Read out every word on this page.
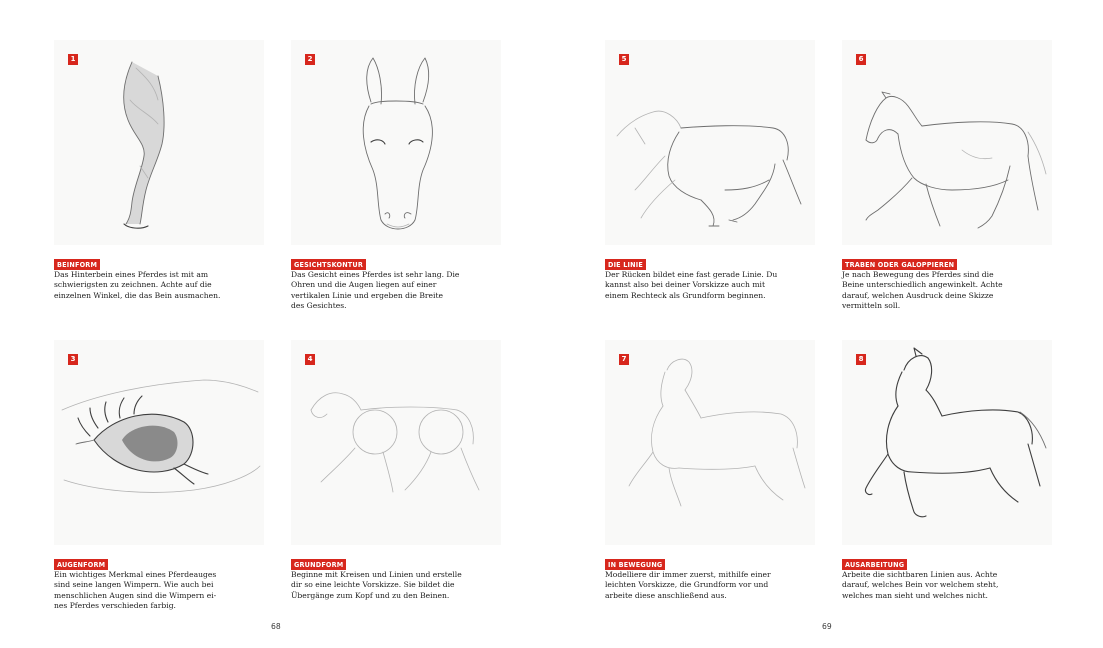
1
BEINFORM

Das Hinterbein eines Pferdes ist mit am
schwierigsten zu zeichnen. Achte auf die
einzelnen Winkel, die das Bein ausmachen.

2
GESICHTSKONTUR

Das Gesicht eines Pferdes ist sehr lang. Die
Ohren und die Augen liegen auf einer
vertikalen Linie und ergeben die Breite
des Gesichtes.

5
DIE LINIE

Der Rücken bildet eine fast gerade Linie. Du
kannst also bei deiner Vorskizze auch mit
einem Rechteck als Grundform beginnen.

6
TRABEN ODER GALOPPIEREN

Je nach Bewegung des Pferdes sind die
Beine unterschiedlich angewinkelt. Achte
darauf, welchen Ausdruck deine Skizze
vermitteln soll.

3
AUGENFORM

Ein wichtiges Merkmal eines Pferdeauges
sind seine langen Wimpern. Wie auch bei
menschlichen Augen sind die Wimpern ei-
nes Pferdes verschieden farbig.

4
GRUNDFORM

Beginne mit Kreisen und Linien und erstelle
dir so eine leichte Vorskizze. Sie bildet die
Übergänge zum Kopf und zu den Beinen.

7
IN BEWEGUNG

Modelliere dir immer zuerst, mithilfe einer
leichten Vorskizze, die Grundform vor und
arbeite diese anschließend aus.

8
AUSARBEITUNG

Arbeite die sichtbaren Linien aus. Achte
darauf, welches Bein vor welchem steht,
welches man sieht und welches nicht.

68	69
